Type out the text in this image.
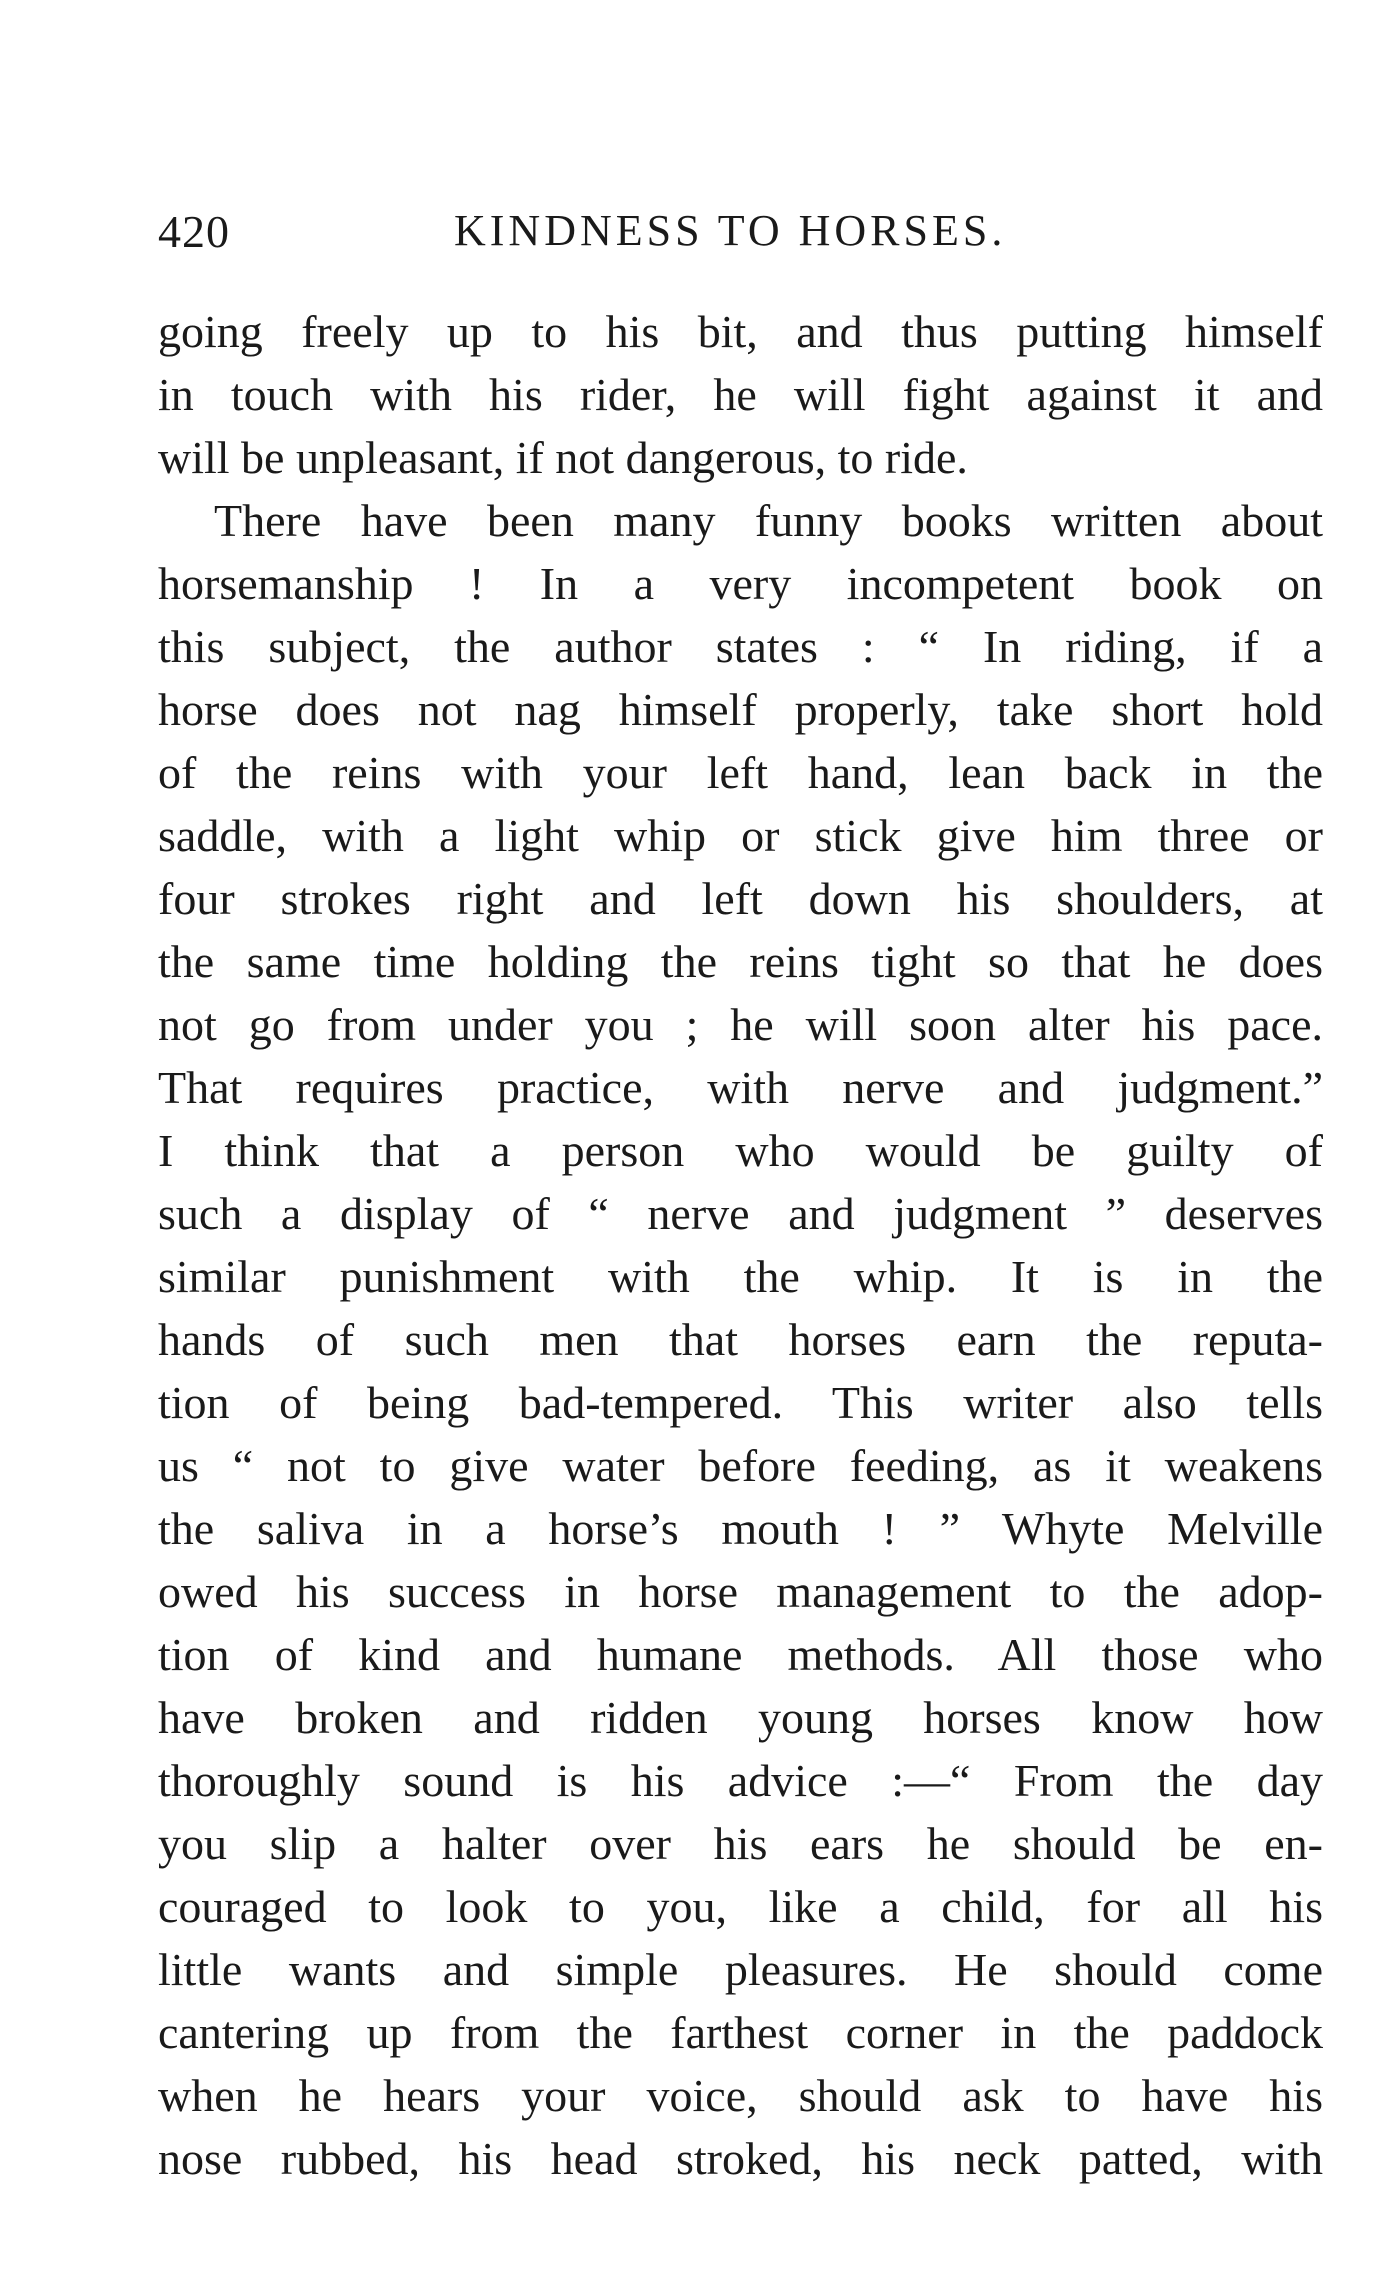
420	KINDNESS TO HORSES.
going freely up to his bit, and thus putting himself
in touch with his rider, he will fight against it and
will be unpleasant, if not dangerous, to ride.
There have been many funny books written about
horsemanship ! In a very incompetent book on
this subject, the author states : “ In riding, if a
horse does not nag himself properly, take short hold
of the reins with your left hand, lean back in the
saddle, with a light whip or stick give him three or
four strokes right and left down his shoulders, at
the same time holding the reins tight so that he does
not go from under you ; he will soon alter his pace.
That requires practice, with nerve and judgment.”
I think that a person who would be guilty of
such a display of “ nerve and judgment ” deserves
similar punishment with the whip. It is in the
hands of such men that horses earn the reputa-
tion of being bad-tempered. This writer also tells
us “ not to give water before feeding, as it weakens
the saliva in a horse’s mouth ! ” Whyte Melville
owed his success in horse management to the adop-
tion of kind and humane methods. All those who
have broken and ridden young horses know how
thoroughly sound is his advice :—“ From the day
you slip a halter over his ears he should be en-
couraged to look to you, like a child, for all his
little wants and simple pleasures. He should come
cantering up from the farthest corner in the paddock
when he hears your voice, should ask to have his
nose rubbed, his head stroked, his neck patted, with
